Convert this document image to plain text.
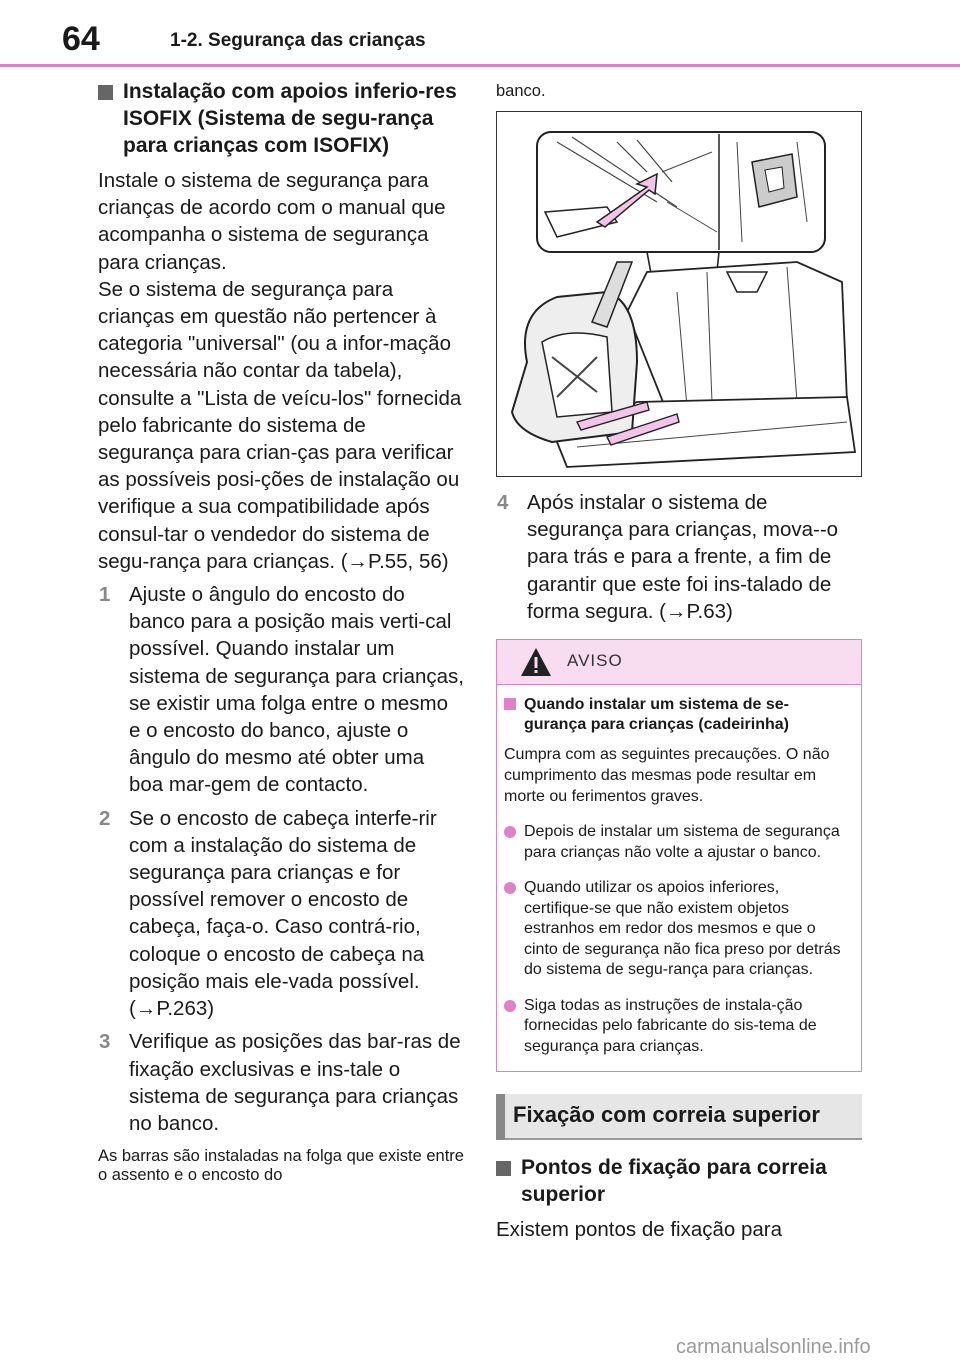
64	1-2. Segurança das crianças
Instalação com apoios inferio-res ISOFIX (Sistema de segu-rança para crianças com ISOFIX)

Instale o sistema de segurança para crianças de acordo com o manual que acompanha o sistema de segurança para crianças.

Se o sistema de segurança para crianças em questão não pertencer à categoria "universal" (ou a infor-mação necessária não contar da tabela), consulte a "Lista de veícu-los" fornecida pelo fabricante do sistema de segurança para crian-ças para verificar as possíveis posi-ções de instalação ou verifique a sua compatibilidade após consul-tar o vendedor do sistema de segu-rança para crianças. (→P.55, 56)

1 Ajuste o ângulo do encosto do banco para a posição mais verti-cal possível. Quando instalar um sistema de segurança para crianças, se existir uma folga entre o mesmo e o encosto do banco, ajuste o ângulo do mesmo até obter uma boa mar-gem de contacto.
2 Se o encosto de cabeça interfe-rir com a instalação do sistema de segurança para crianças e for possível remover o encosto de cabeça, faça-o. Caso contrá-rio, coloque o encosto de cabeça na posição mais ele-vada possível. (→P.263)
3 Verifique as posições das bar-ras de fixação exclusivas e ins-tale o sistema de segurança para crianças no banco.
As barras são instaladas na folga que existe entre o assento e o encosto do
banco.
4 Após instalar o sistema de segurança para crianças, mova--o para trás e para a frente, a fim de garantir que este foi ins-talado de forma segura. (→P.63)
AVISO
Quando instalar um sistema de se-gurança para crianças (cadeirinha)
Cumpra com as seguintes precauções. O não cumprimento das mesmas pode resultar em morte ou ferimentos graves.
Depois de instalar um sistema de segurança para crianças não volte a ajustar o banco.
Quando utilizar os apoios inferiores, certifique-se que não existem objetos estranhos em redor dos mesmos e que o cinto de segurança não fica preso por detrás do sistema de segu-rança para crianças.
Siga todas as instruções de instala-ção fornecidas pelo fabricante do sis-tema de segurança para crianças.
Fixação com correia superior
Pontos de fixação para correia superior

Existem pontos de fixação para

carmanualsonline.info
